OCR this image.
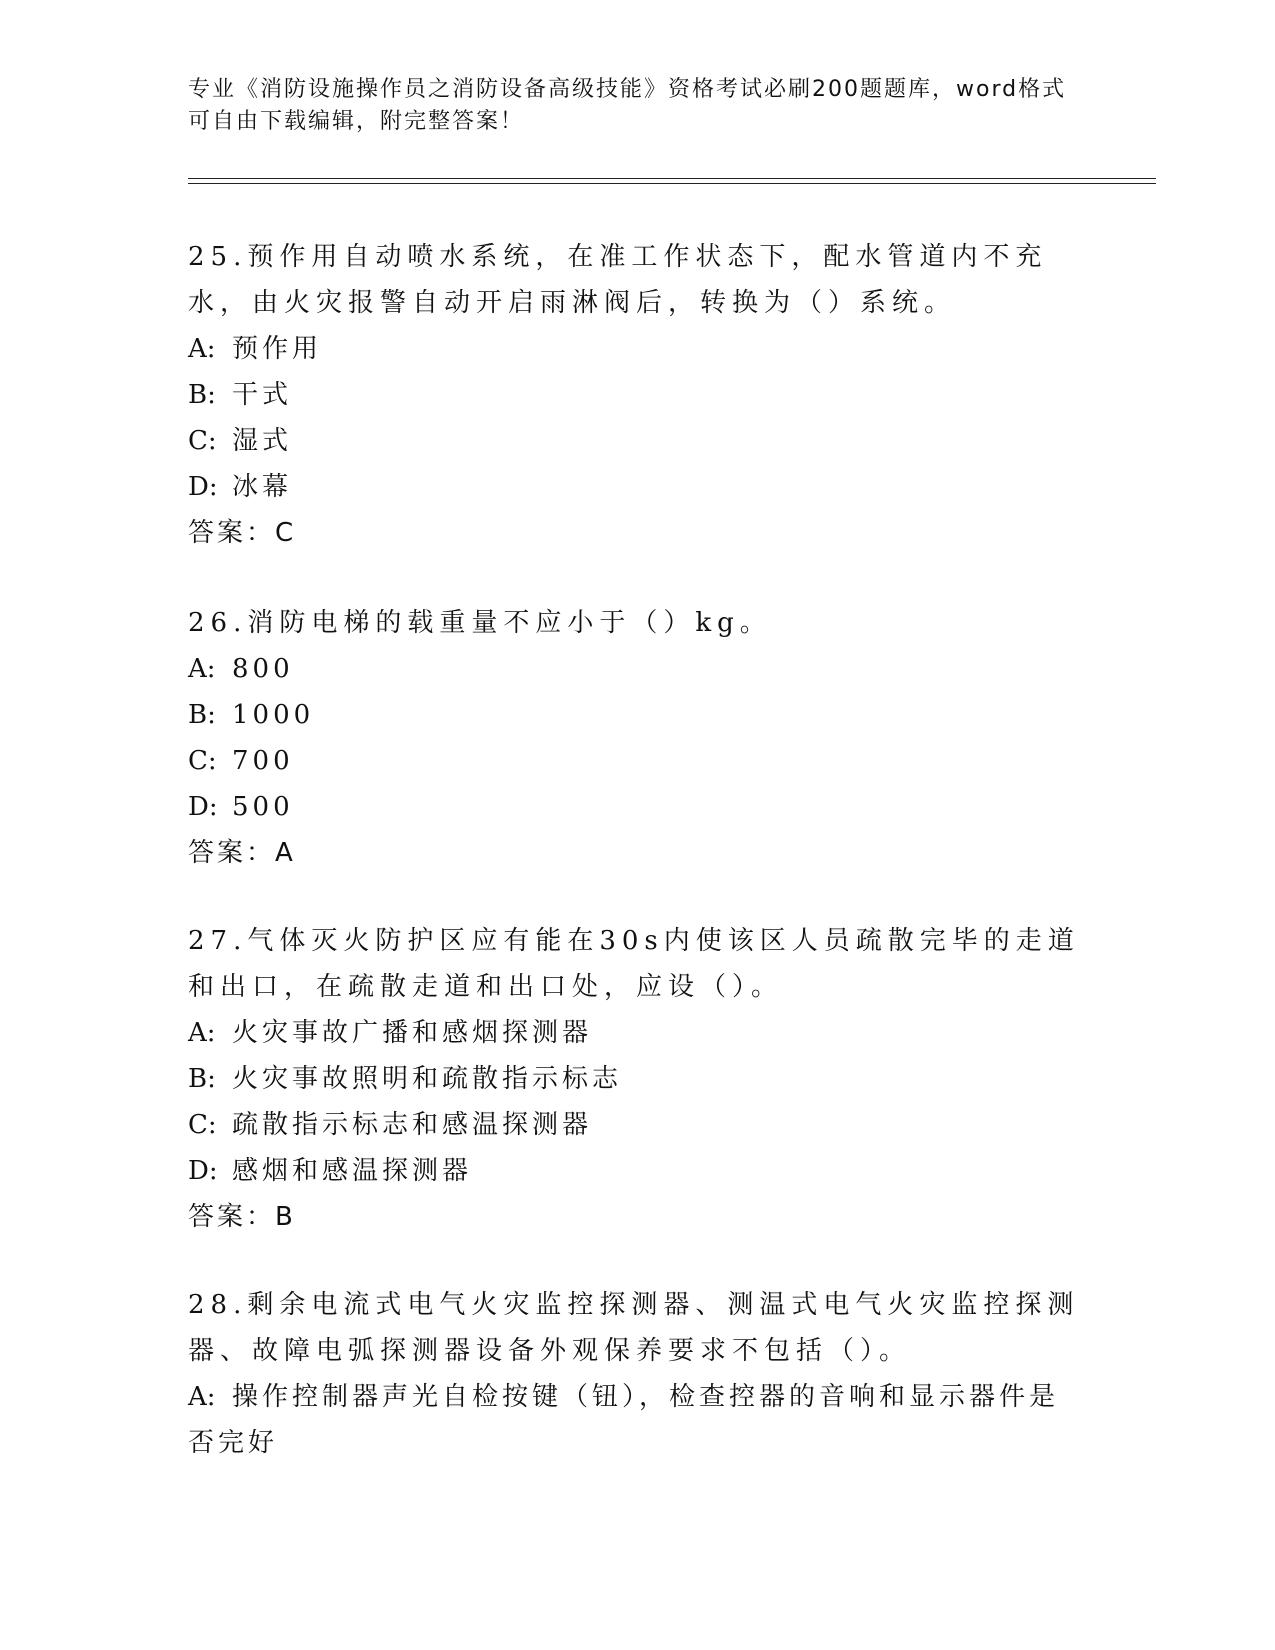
专业《消防设施操作员之消防设备高级技能》资格考试必刷200题题库，word格式可自由下载编辑，附完整答案！

25.预作用自动喷水系统，在准工作状态下，配水管道内不充水，由火灾报警自动开启雨淋阀后，转换为（）系统。

A: 预作用

B: 干式

C: 湿式

D: 冰幕

答案：C

26.消防电梯的载重量不应小于（）kg。

A: 800

B: 1000

C: 700

D: 500

答案：A

27.气体灭火防护区应有能在30s内使该区人员疏散完毕的走道和出口，在疏散走道和出口处，应设（）。

A: 火灾事故广播和感烟探测器

B: 火灾事故照明和疏散指示标志

C: 疏散指示标志和感温探测器

D: 感烟和感温探测器

答案：B

28.剩余电流式电气火灾监控探测器、测温式电气火灾监控探测器、故障电弧探测器设备外观保养要求不包括（）。

A: 操作控制器声光自检按键（钮），检查控器的音响和显示器件是否完好
